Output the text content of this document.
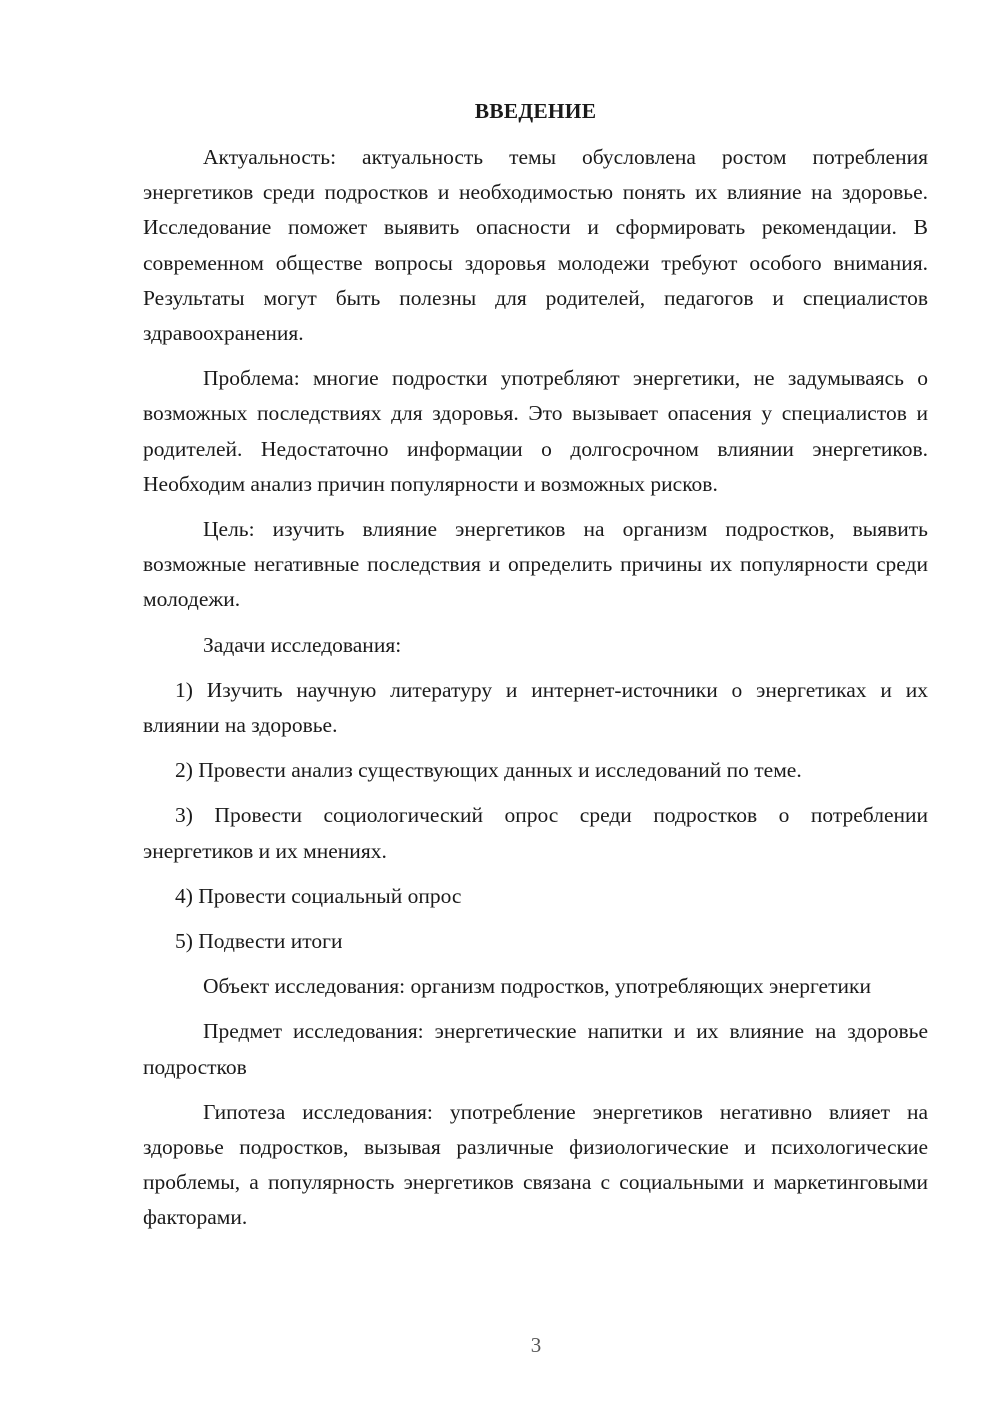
ВВЕДЕНИЕ

Актуальность: актуальность темы обусловлена ростом потребления энергетиков среди подростков и необходимостью понять их влияние на здоровье. Исследование поможет выявить опасности и сформировать рекомендации. В современном обществе вопросы здоровья молодежи требуют особого внимания. Результаты могут быть полезны для родителей, педагогов и специалистов здравоохранения.

Проблема: многие подростки употребляют энергетики, не задумываясь о возможных последствиях для здоровья. Это вызывает опасения у специалистов и родителей. Недостаточно информации о долгосрочном влиянии энергетиков. Необходим анализ причин популярности и возможных рисков.

Цель: изучить влияние энергетиков на организм подростков, выявить возможные негативные последствия и определить причины их популярности среди молодежи.

Задачи исследования:

1) Изучить научную литературу и интернет-источники о энергетиках и их влиянии на здоровье.

2) Провести анализ существующих данных и исследований по теме.

3) Провести социологический опрос среди подростков о потреблении энергетиков и их мнениях.

4) Провести социальный опрос

5) Подвести итоги

Объект исследования: организм подростков, употребляющих энергетики

Предмет исследования: энергетические напитки и их влияние на здоровье подростков

Гипотеза исследования: употребление энергетиков негативно влияет на здоровье подростков, вызывая различные физиологические и психологические проблемы, а популярность энергетиков связана с социальными и маркетинговыми факторами.

3
